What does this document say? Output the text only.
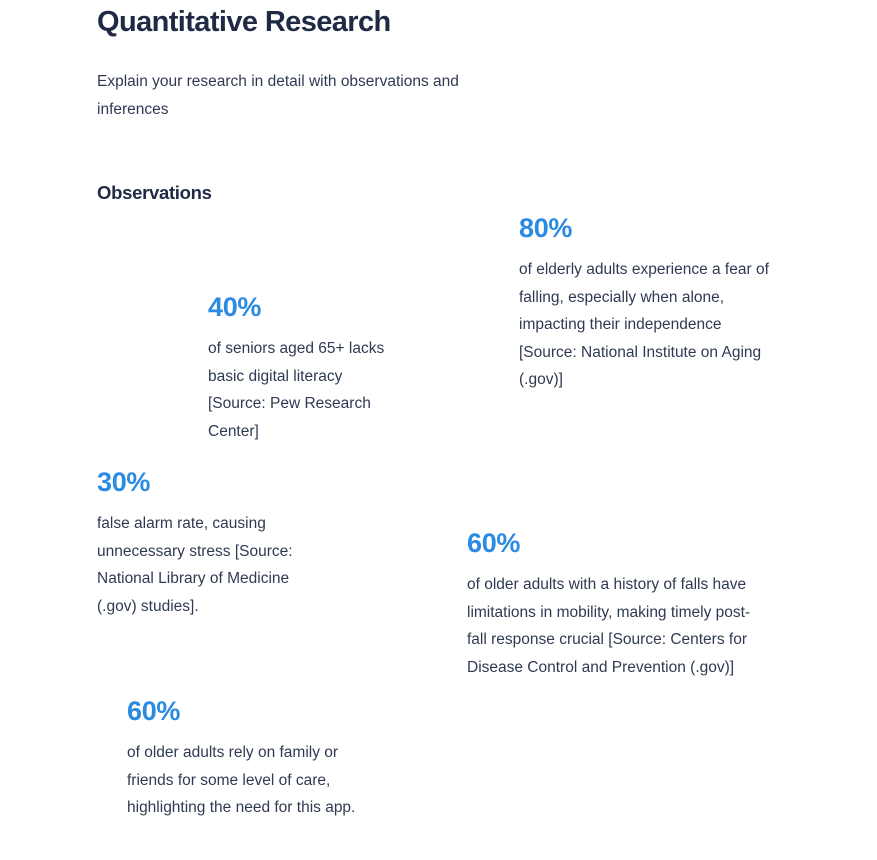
Quantitative Research

Explain your research in detail with observations and inferences

Observations
40%

of seniors aged 65+ lacks basic digital literacy [Source: Pew Research Center]

80%

of elderly adults experience a fear of falling, especially when alone, impacting their independence [Source: National Institute on Aging (.gov)]

30%

false alarm rate, causing unnecessary stress [Source: National Library of Medicine (.gov) studies].

60%

of older adults with a history of falls have limitations in mobility, making timely post-fall response crucial [Source: Centers for Disease Control and Prevention (.gov)]

60%

of older adults rely on family or friends for some level of care, highlighting the need for this app.
